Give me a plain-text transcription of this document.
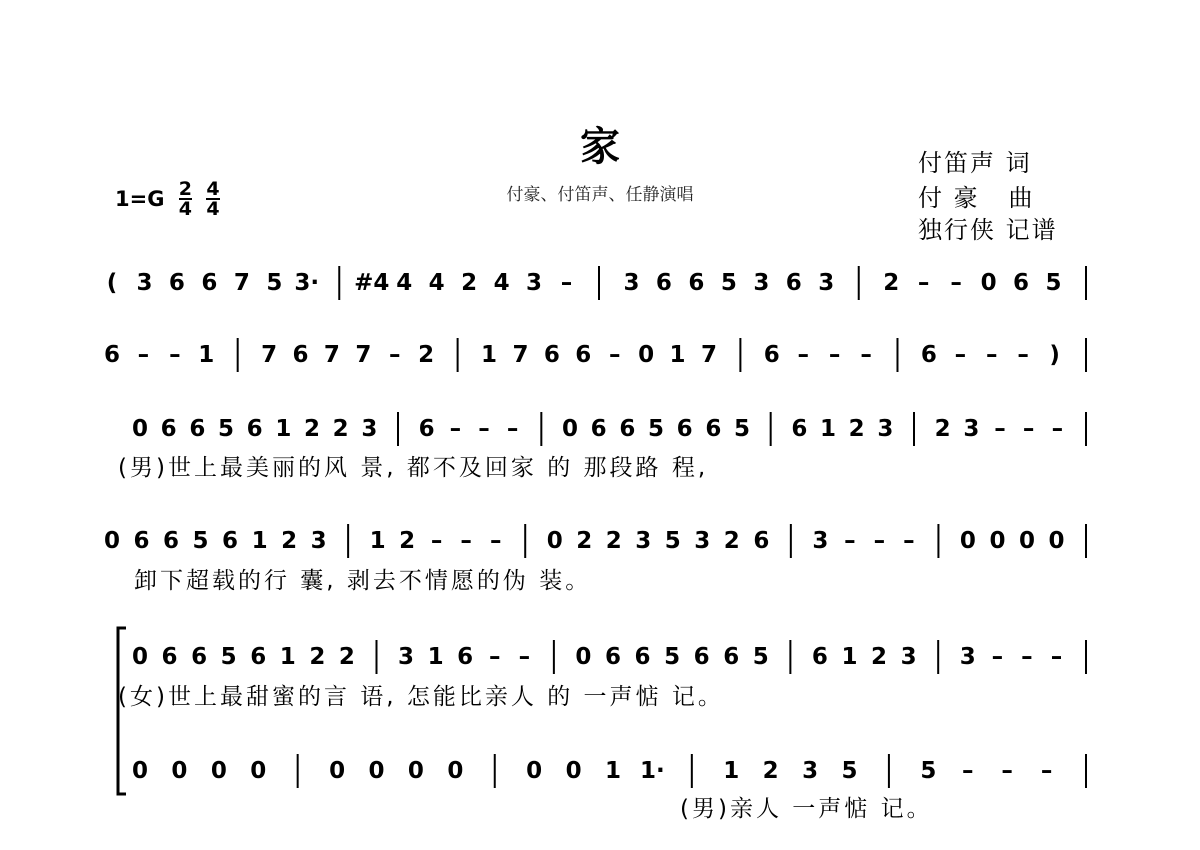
家
付豪、付笛声、任静演唱
付笛声 词
付 豪   曲
独行侠 记谱
$1=G \frac{2}{4}$
$\frac{4}{4}$
( 3 6 6 7 5 3· #4 4 4 2 4 3 – 3 6 6 5 3 6 3 2 – – 0 6 5
6 – – 1 7 6 7 7 – 2 1 7 6 6 – 0 1 7 6 – – – 6 – – – )
0 6 6 5 6 1 2 2 3 6 – – – 0 6 6 5 6 6 5 6 1 2 3 2 3 – – –
(男)世上最美丽的风 景, 都不及回家 的 那段路 程,
0 6 6 5 6 1 2 3 1 2 – – – 0 2 2 3 5 3 2 6 3 – – – 0 0 0 0
卸下超载的行 囊, 剥去不情愿的伪 装。
0 6 6 5 6 1 2 2 3 1 6 – – 0 6 6 5 6 6 5 6 1 2 3 3 – – –
(女)世上最甜蜜的言 语, 怎能比亲人 的 一声惦 记。
0 0 0 0	0 0 0 0	0 0 1 1·	1 2 3 5	5 – – –
(男)亲人 一声惦 记。
